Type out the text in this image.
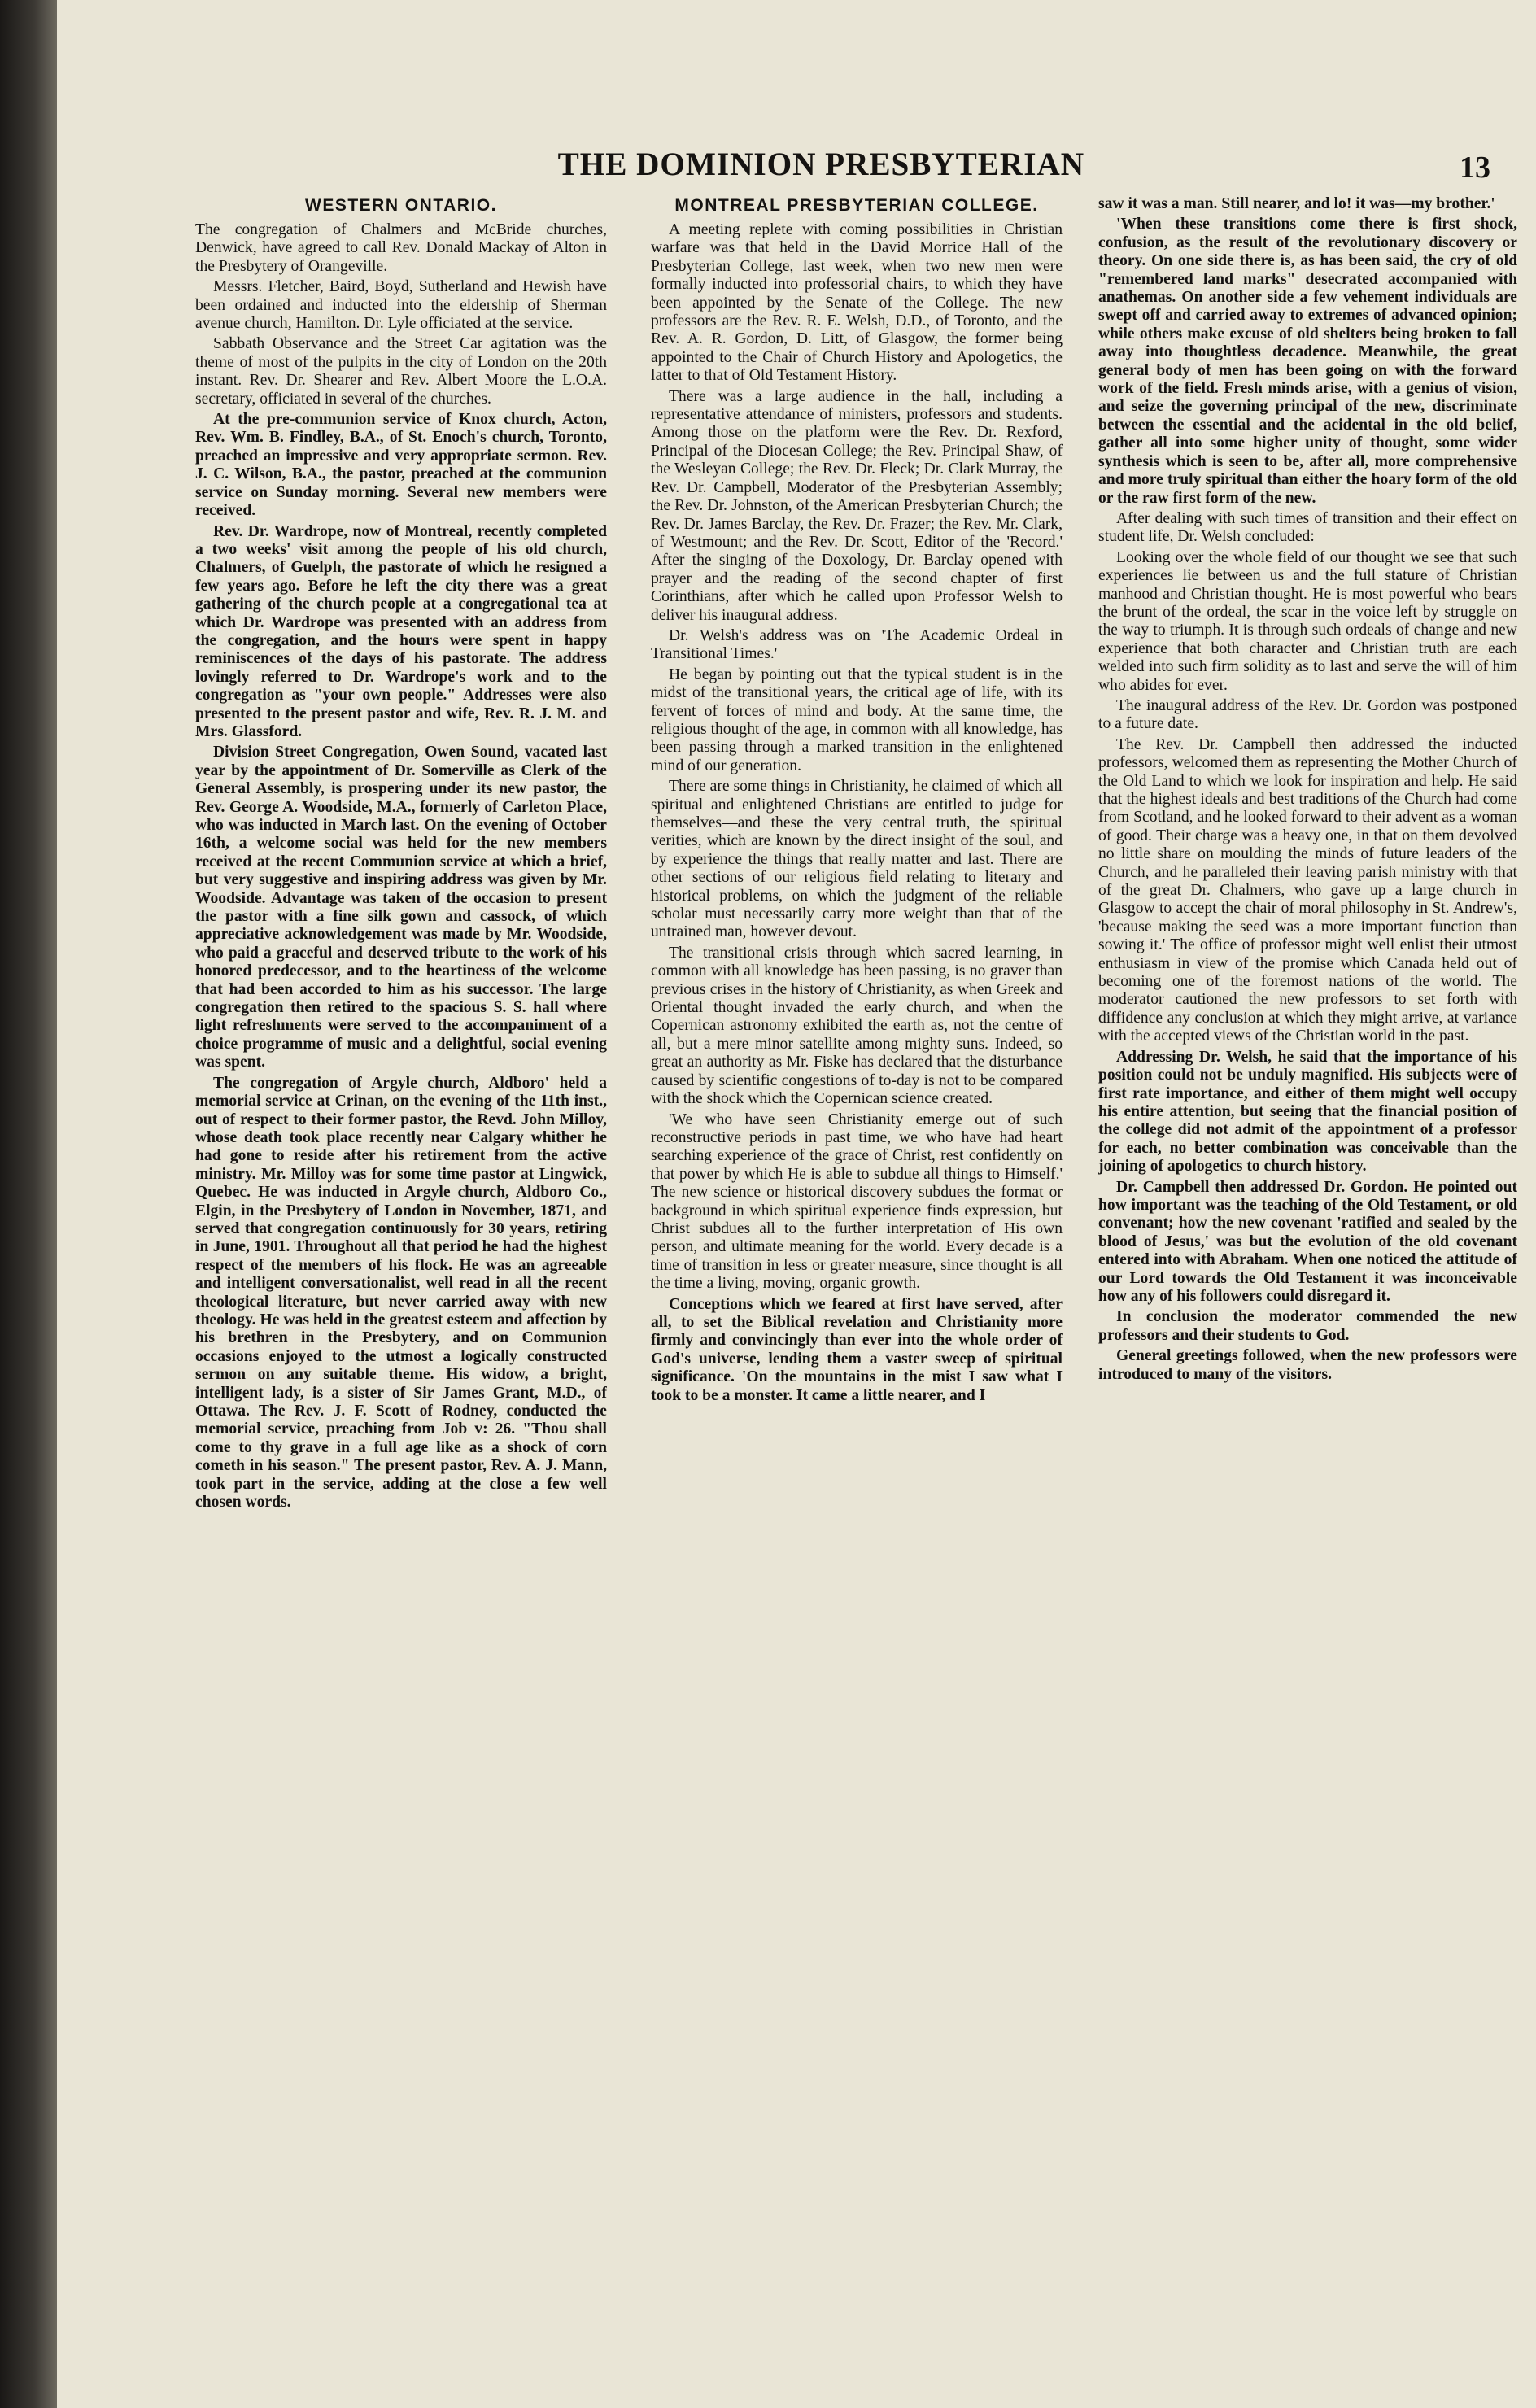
THE DOMINION PRESBYTERIAN	13
WESTERN ONTARIO.

The congregation of Chalmers and McBride churches, Denwick, have agreed to call Rev. Donald Mackay of Alton in the Presbytery of Orangeville.

Messrs. Fletcher, Baird, Boyd, Sutherland and Hewish have been ordained and inducted into the eldership of Sherman avenue church, Hamilton. Dr. Lyle officiated at the service.

Sabbath Observance and the Street Car agitation was the theme of most of the pulpits in the city of London on the 20th instant. Rev. Dr. Shearer and Rev. Albert Moore the L.O.A. secretary, officiated in several of the churches.

At the pre-communion service of Knox church, Acton, Rev. Wm. B. Findley, B.A., of St. Enoch's church, Toronto, preached an impressive and very appropriate sermon. Rev. J. C. Wilson, B.A., the pastor, preached at the communion service on Sunday morning. Several new members were received.

Rev. Dr. Wardrope, now of Montreal, recently completed a two weeks' visit among the people of his old church, Chalmers, of Guelph, the pastorate of which he resigned a few years ago. Before he left the city there was a great gathering of the church people at a congregational tea at which Dr. Wardrope was presented with an address from the congregation, and the hours were spent in happy reminiscences of the days of his pastorate. The address lovingly referred to Dr. Wardrope's work and to the congregation as "your own people." Addresses were also presented to the present pastor and wife, Rev. R. J. M. and Mrs. Glassford.

Division Street Congregation, Owen Sound, vacated last year by the appointment of Dr. Somerville as Clerk of the General Assembly, is prospering under its new pastor, the Rev. George A. Woodside, M.A., formerly of Carleton Place, who was inducted in March last. On the evening of October 16th, a welcome social was held for the new members received at the recent Communion service at which a brief, but very suggestive and inspiring address was given by Mr. Woodside. Advantage was taken of the occasion to present the pastor with a fine silk gown and cassock, of which appreciative acknowledgement was made by Mr. Woodside, who paid a graceful and deserved tribute to the work of his honored predecessor, and to the heartiness of the welcome that had been accorded to him as his successor. The large congregation then retired to the spacious S. S. hall where light refreshments were served to the accompaniment of a choice programme of music and a delightful, social evening was spent.

The congregation of Argyle church, Aldboro' held a memorial service at Crinan, on the evening of the 11th inst., out of respect to their former pastor, the Revd. John Milloy, whose death took place recently near Calgary whither he had gone to reside after his retirement from the active ministry. Mr. Milloy was for some time pastor at Lingwick, Quebec. He was inducted in Argyle church, Aldboro Co., Elgin, in the Presbytery of London in November, 1871, and served that congregation continuously for 30 years, retiring in June, 1901. Throughout all that period he had the highest respect of the members of his flock. He was an agreeable and intelligent conversationalist, well read in all the recent theological literature, but never carried away with new theology. He was held in the greatest esteem and affection by his brethren in the Presbytery, and on Communion occasions enjoyed to the utmost a logically constructed sermon on any suitable theme. His widow, a bright, intelligent lady, is a sister of Sir James Grant, M.D., of Ottawa. The Rev. J. F. Scott of Rodney, conducted the memorial service, preaching from Job v: 26. "Thou shall come to thy grave in a full age like as a shock of corn cometh in his season." The present pastor, Rev. A. J. Mann, took part in the service, adding at the close a few well chosen words.

MONTREAL PRESBYTERIAN COLLEGE.

A meeting replete with coming possibilities in Christian warfare was that held in the David Morrice Hall of the Presbyterian College, last week, when two new men were formally inducted into professorial chairs, to which they have been appointed by the Senate of the College. The new professors are the Rev. R. E. Welsh, D.D., of Toronto, and the Rev. A. R. Gordon, D. Litt, of Glasgow, the former being appointed to the Chair of Church History and Apologetics, the latter to that of Old Testament History.

There was a large audience in the hall, including a representative attendance of ministers, professors and students. Among those on the platform were the Rev. Dr. Rexford, Principal of the Diocesan College; the Rev. Principal Shaw, of the Wesleyan College; the Rev. Dr. Fleck; Dr. Clark Murray, the Rev. Dr. Campbell, Moderator of the Presbyterian Assembly; the Rev. Dr. Johnston, of the American Presbyterian Church; the Rev. Dr. James Barclay, the Rev. Dr. Frazer; the Rev. Mr. Clark, of Westmount; and the Rev. Dr. Scott, Editor of the 'Record.' After the singing of the Doxology, Dr. Barclay opened with prayer and the reading of the second chapter of first Corinthians, after which he called upon Professor Welsh to deliver his inaugural address.

Dr. Welsh's address was on 'The Academic Ordeal in Transitional Times.'

He began by pointing out that the typical student is in the midst of the transitional years, the critical age of life, with its fervent of forces of mind and body. At the same time, the religious thought of the age, in common with all knowledge, has been passing through a marked transition in the enlightened mind of our generation.

There are some things in Christianity, he claimed of which all spiritual and enlightened Christians are entitled to judge for themselves—and these the very central truth, the spiritual verities, which are known by the direct insight of the soul, and by experience the things that really matter and last. There are other sections of our religious field relating to literary and historical problems, on which the judgment of the reliable scholar must necessarily carry more weight than that of the untrained man, however devout.

The transitional crisis through which sacred learning, in common with all knowledge has been passing, is no graver than previous crises in the history of Christianity, as when Greek and Oriental thought invaded the early church, and when the Copernican astronomy exhibited the earth as, not the centre of all, but a mere minor satellite among mighty suns. Indeed, so great an authority as Mr. Fiske has declared that the disturbance caused by scientific congestions of to-day is not to be compared with the shock which the Copernican science created.

'We who have seen Christianity emerge out of such reconstructive periods in past time, we who have had heart searching experience of the grace of Christ, rest confidently on that power by which He is able to subdue all things to Himself.' The new science or historical discovery subdues the format or background in which spiritual experience finds expression, but Christ subdues all to the further interpretation of His own person, and ultimate meaning for the world. Every decade is a time of transition in less or greater measure, since thought is all the time a living, moving, organic growth.

Conceptions which we feared at first have served, after all, to set the Biblical revelation and Christianity more firmly and convincingly than ever into the whole order of God's universe, lending them a vaster sweep of spiritual significance. 'On the mountains in the mist I saw what I took to be a monster. It came a little nearer, and I

saw it was a man. Still nearer, and lo! it was—my brother.'

'When these transitions come there is first shock, confusion, as the result of the revolutionary discovery or theory. On one side there is, as has been said, the cry of old "remembered land marks" desecrated accompanied with anathemas. On another side a few vehement individuals are swept off and carried away to extremes of advanced opinion; while others make excuse of old shelters being broken to fall away into thoughtless decadence. Meanwhile, the great general body of men has been going on with the forward work of the field. Fresh minds arise, with a genius of vision, and seize the governing principal of the new, discriminate between the essential and the acidental in the old belief, gather all into some higher unity of thought, some wider synthesis which is seen to be, after all, more comprehensive and more truly spiritual than either the hoary form of the old or the raw first form of the new.

After dealing with such times of transition and their effect on student life, Dr. Welsh concluded:

Looking over the whole field of our thought we see that such experiences lie between us and the full stature of Christian manhood and Christian thought. He is most powerful who bears the brunt of the ordeal, the scar in the voice left by struggle on the way to triumph. It is through such ordeals of change and new experience that both character and Christian truth are each welded into such firm solidity as to last and serve the will of him who abides for ever.

The inaugural address of the Rev. Dr. Gordon was postponed to a future date.

The Rev. Dr. Campbell then addressed the inducted professors, welcomed them as representing the Mother Church of the Old Land to which we look for inspiration and help. He said that the highest ideals and best traditions of the Church had come from Scotland, and he looked forward to their advent as a woman of good. Their charge was a heavy one, in that on them devolved no little share on moulding the minds of future leaders of the Church, and he paralleled their leaving parish ministry with that of the great Dr. Chalmers, who gave up a large church in Glasgow to accept the chair of moral philosophy in St. Andrew's, 'because making the seed was a more important function than sowing it.' The office of professor might well enlist their utmost enthusiasm in view of the promise which Canada held out of becoming one of the foremost nations of the world. The moderator cautioned the new professors to set forth with diffidence any conclusion at which they might arrive, at variance with the accepted views of the Christian world in the past.

Addressing Dr. Welsh, he said that the importance of his position could not be unduly magnified. His subjects were of first rate importance, and either of them might well occupy his entire attention, but seeing that the financial position of the college did not admit of the appointment of a professor for each, no better combination was conceivable than the joining of apologetics to church history.

Dr. Campbell then addressed Dr. Gordon. He pointed out how important was the teaching of the Old Testament, or old convenant; how the new covenant 'ratified and sealed by the blood of Jesus,' was but the evolution of the old covenant entered into with Abraham. When one noticed the attitude of our Lord towards the Old Testament it was inconceivable how any of his followers could disregard it.

In conclusion the moderator commended the new professors and their students to God.

General greetings followed, when the new professors were introduced to many of the visitors.
